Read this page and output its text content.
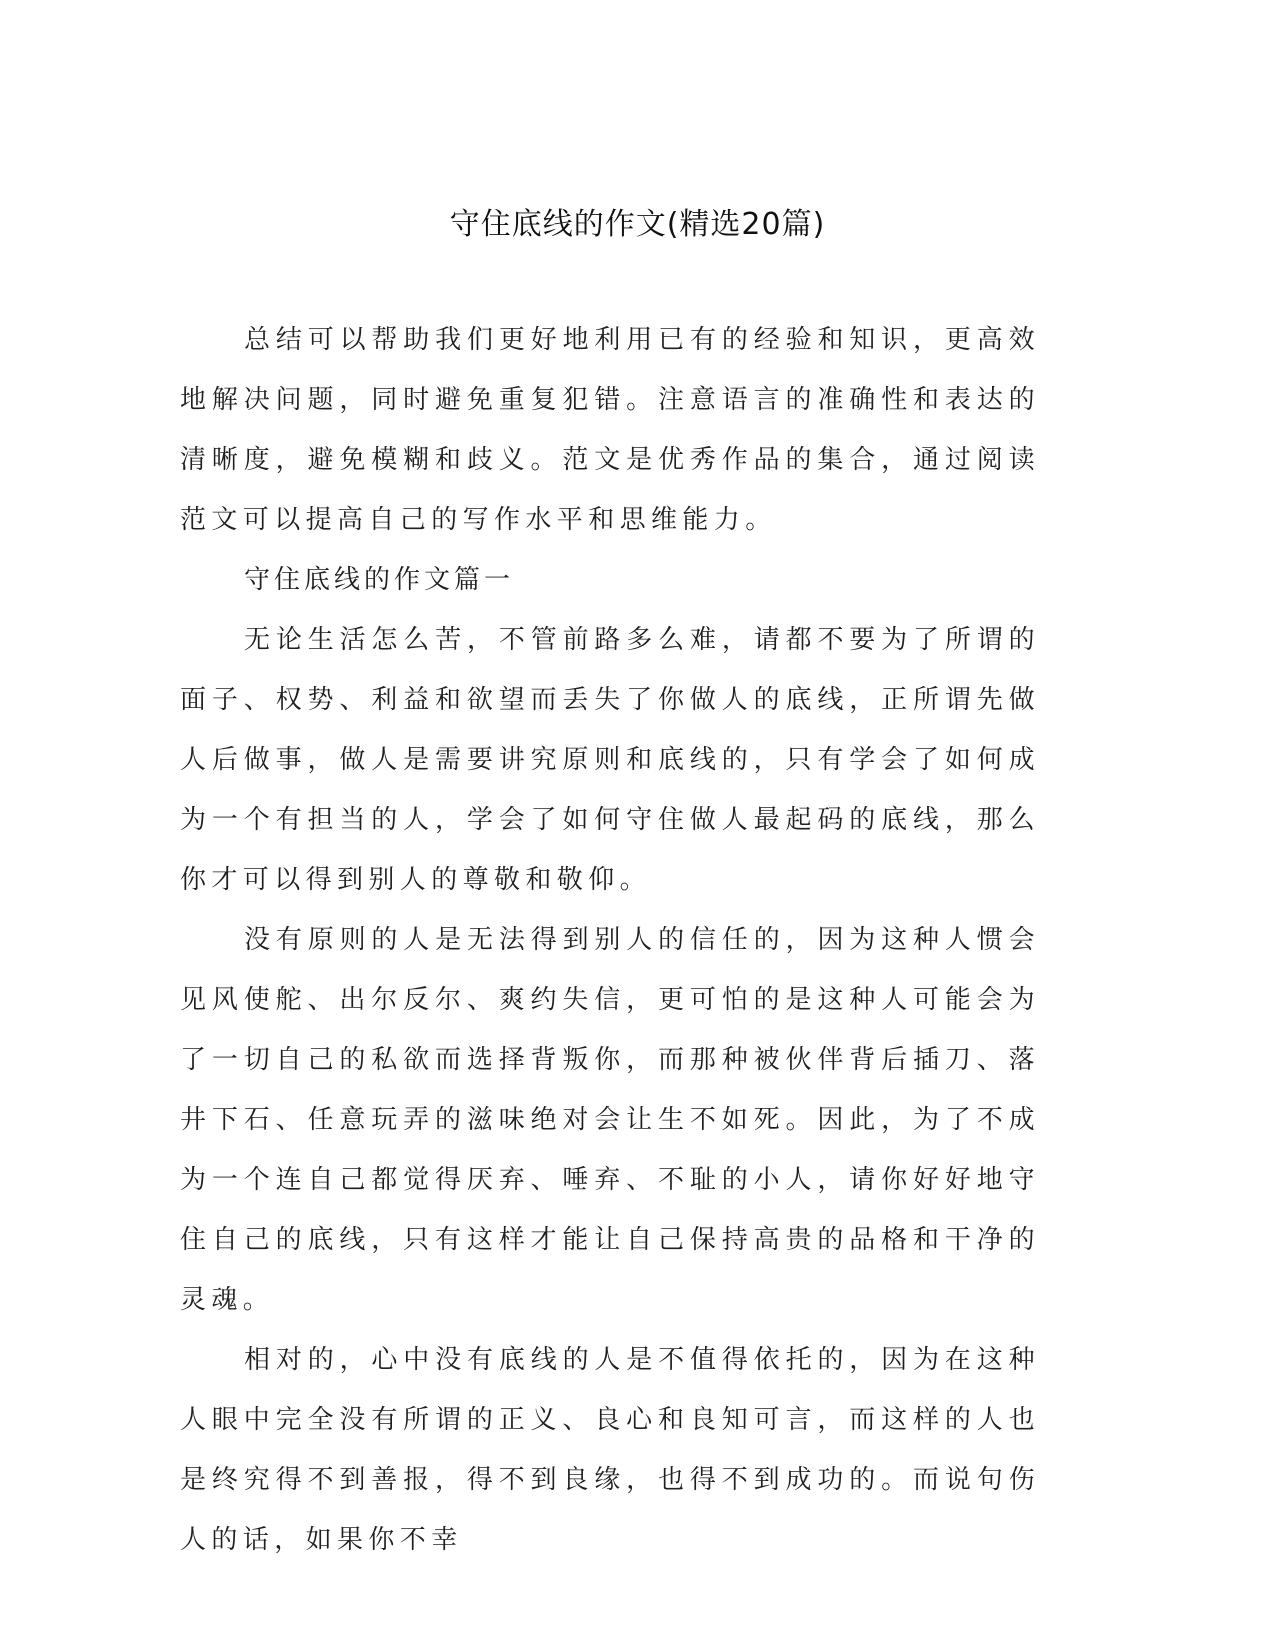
守住底线的作文(精选20篇)

总结可以帮助我们更好地利用已有的经验和知识，更高效地解决问题，同时避免重复犯错。注意语言的准确性和表达的清晰度，避免模糊和歧义。范文是优秀作品的集合，通过阅读范文可以提高自己的写作水平和思维能力。

守住底线的作文篇一

无论生活怎么苦，不管前路多么难，请都不要为了所谓的面子、权势、利益和欲望而丢失了你做人的底线，正所谓先做人后做事，做人是需要讲究原则和底线的，只有学会了如何成为一个有担当的人，学会了如何守住做人最起码的底线，那么你才可以得到别人的尊敬和敬仰。

没有原则的人是无法得到别人的信任的，因为这种人惯会见风使舵、出尔反尔、爽约失信，更可怕的是这种人可能会为了一切自己的私欲而选择背叛你，而那种被伙伴背后插刀、落井下石、任意玩弄的滋味绝对会让生不如死。因此，为了不成为一个连自己都觉得厌弃、唾弃、不耻的小人，请你好好地守住自己的底线，只有这样才能让自己保持高贵的品格和干净的灵魂。

相对的，心中没有底线的人是不值得依托的，因为在这种人眼中完全没有所谓的正义、良心和良知可言，而这样的人也是终究得不到善报，得不到良缘，也得不到成功的。而说句伤人的话，如果你不幸
